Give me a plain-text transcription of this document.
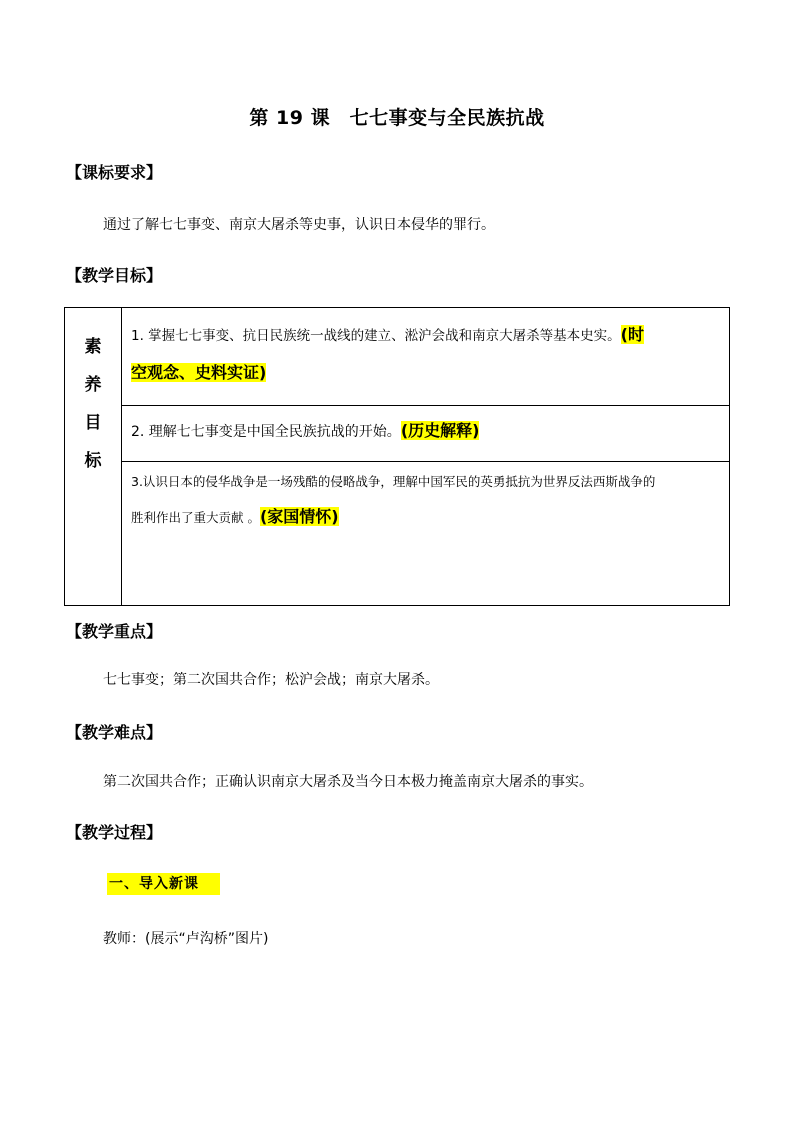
第 19 课　七七事变与全民族抗战
【课标要求】
通过了解七七事变、南京大屠杀等史事，认识日本侵华的罪行。
【教学目标】
素
养
目
标
1. 掌握七七事变、抗日民族统一战线的建立、淞沪会战和南京大屠杀等基本史实。(时
空观念、史料实证)
2. 理解七七事变是中国全民族抗战的开始。(历史解释)
3.认识日本的侵华战争是一场残酷的侵略战争，理解中国军民的英勇抵抗为世界反法西斯战争的
胜利作出了重大贡献 。(家国情怀)
【教学重点】
七七事变；第二次国共合作；松沪会战；南京大屠杀。
【教学难点】
第二次国共合作；正确认识南京大屠杀及当今日本极力掩盖南京大屠杀的事实。
【教学过程】
一、导入新课
教师：(展示“卢沟桥”图片)
